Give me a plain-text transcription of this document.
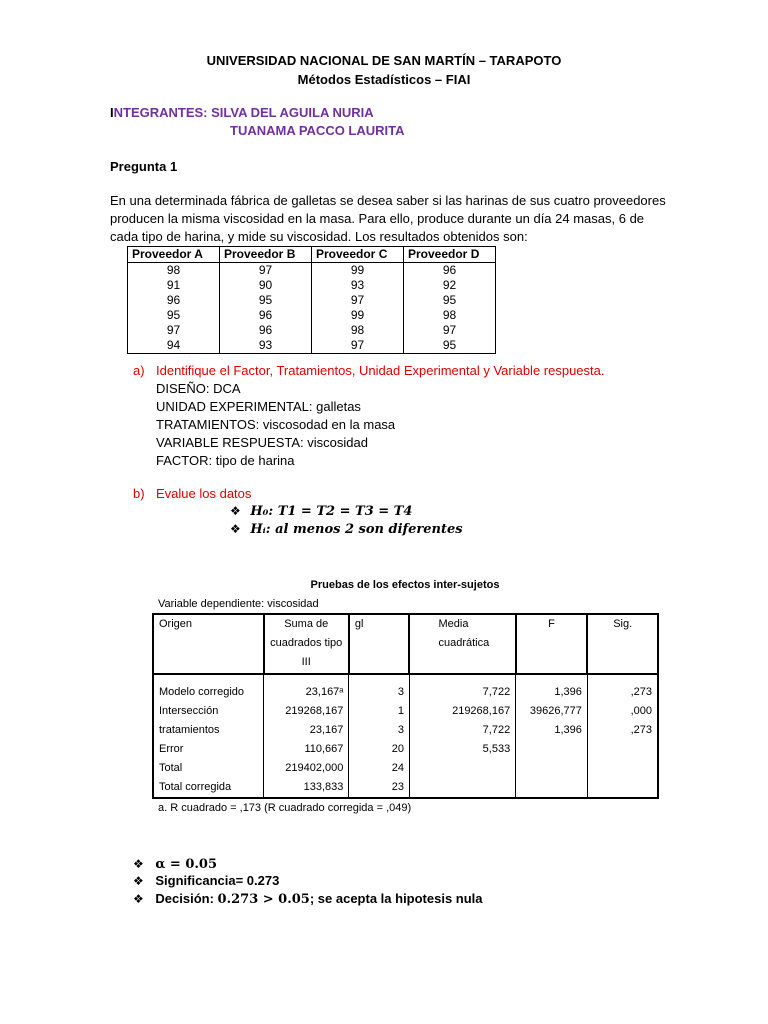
UNIVERSIDAD NACIONAL DE SAN MARTÍN – TARAPOTO
Métodos Estadísticos – FIAI
INTEGRANTES: SILVA DEL AGUILA NURIA
TUANAMA PACCO LAURITA
Pregunta 1
En una determinada fábrica de galletas se desea saber si las harinas de sus cuatro proveedores
producen la misma viscosidad en la masa. Para ello, produce durante un día 24 masas, 6 de
cada tipo de harina, y mide su viscosidad. Los resultados obtenidos son:
Proveedor A	Proveedor B	Proveedor C	Proveedor D
98	97	99	96
91	90	93	92
96	95	97	95
95	96	99	98
97	96	98	97
94	93	97	95
a) Identifique el Factor, Tratamientos, Unidad Experimental y Variable respuesta.
DISEÑO: DCA
UNIDAD EXPERIMENTAL: galletas
TRATAMIENTOS: viscosodad en la masa
VARIABLE RESPUESTA: viscosidad
FACTOR: tipo de harina
b) Evalue los datos
❖ H₀: T1 = T2 = T3 = T4
❖ Hᵢ: al menos 2 son diferentes
Pruebas de los efectos inter-sujetos
Variable dependiente: viscosidad
Origen	Suma de cuadrados tipo III	gl	Media cuadrática	F	Sig.
Modelo corregido	23,167ᵃ	3	7,722	1,396	,273
Intersección	219268,167	1	219268,167	39626,777	,000
tratamientos	23,167	3	7,722	1,396	,273
Error	110,667	20	5,533		
Total	219402,000	24			
Total corregida	133,833	23			
a. R cuadrado = ,173 (R cuadrado corregida = ,049)
❖ α = 0.05
❖ Significancia= 0.273
❖ Decisión: 0.273 > 0.05; se acepta la hipotesis nula
